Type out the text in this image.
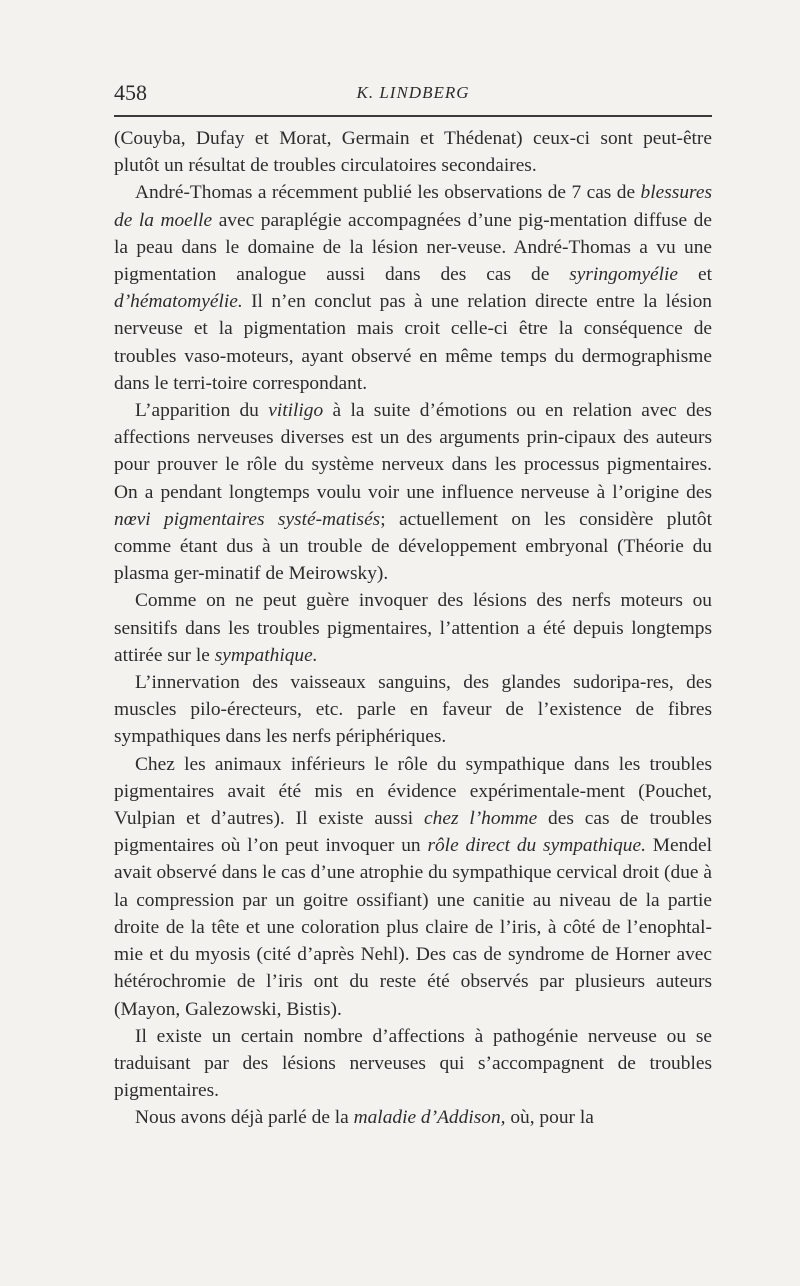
458	K. LINDBERG

(Couyba, Dufay et Morat, Germain et Thédenat) ceux-ci sont peut-être plutôt un résultat de troubles circulatoires secondaires.

André-Thomas a récemment publié les observations de 7 cas de blessures de la moelle avec paraplégie accompagnées d’une pig-mentation diffuse de la peau dans le domaine de la lésion ner-veuse. André-Thomas a vu une pigmentation analogue aussi dans des cas de syringomyélie et d’hématomyélie. Il n’en conclut pas à une relation directe entre la lésion nerveuse et la pigmentation mais croit celle-ci être la conséquence de troubles vaso-moteurs, ayant observé en même temps du dermographisme dans le terri-toire correspondant.

L’apparition du vitiligo à la suite d’émotions ou en relation avec des affections nerveuses diverses est un des arguments prin-cipaux des auteurs pour prouver le rôle du système nerveux dans les processus pigmentaires. On a pendant longtemps voulu voir une influence nerveuse à l’origine des nœvi pigmentaires systé-matisés; actuellement on les considère plutôt comme étant dus à un trouble de développement embryonal (Théorie du plasma ger-minatif de Meirowsky).

Comme on ne peut guère invoquer des lésions des nerfs moteurs ou sensitifs dans les troubles pigmentaires, l’attention a été depuis longtemps attirée sur le sympathique.

L’innervation des vaisseaux sanguins, des glandes sudoripa-res, des muscles pilo-érecteurs, etc. parle en faveur de l’existence de fibres sympathiques dans les nerfs périphériques.

Chez les animaux inférieurs le rôle du sympathique dans les troubles pigmentaires avait été mis en évidence expérimentale-ment (Pouchet, Vulpian et d’autres). Il existe aussi chez l’homme des cas de troubles pigmentaires où l’on peut invoquer un rôle direct du sympathique. Mendel avait observé dans le cas d’une atrophie du sympathique cervical droit (due à la compression par un goitre ossifiant) une canitie au niveau de la partie droite de la tête et une coloration plus claire de l’iris, à côté de l’enophtal-mie et du myosis (cité d’après Nehl). Des cas de syndrome de Horner avec hétérochromie de l’iris ont du reste été observés par plusieurs auteurs (Mayon, Galezowski, Bistis).

Il existe un certain nombre d’affections à pathogénie nerveuse ou se traduisant par des lésions nerveuses qui s’accompagnent de troubles pigmentaires.

Nous avons déjà parlé de la maladie d’Addison, où, pour la
